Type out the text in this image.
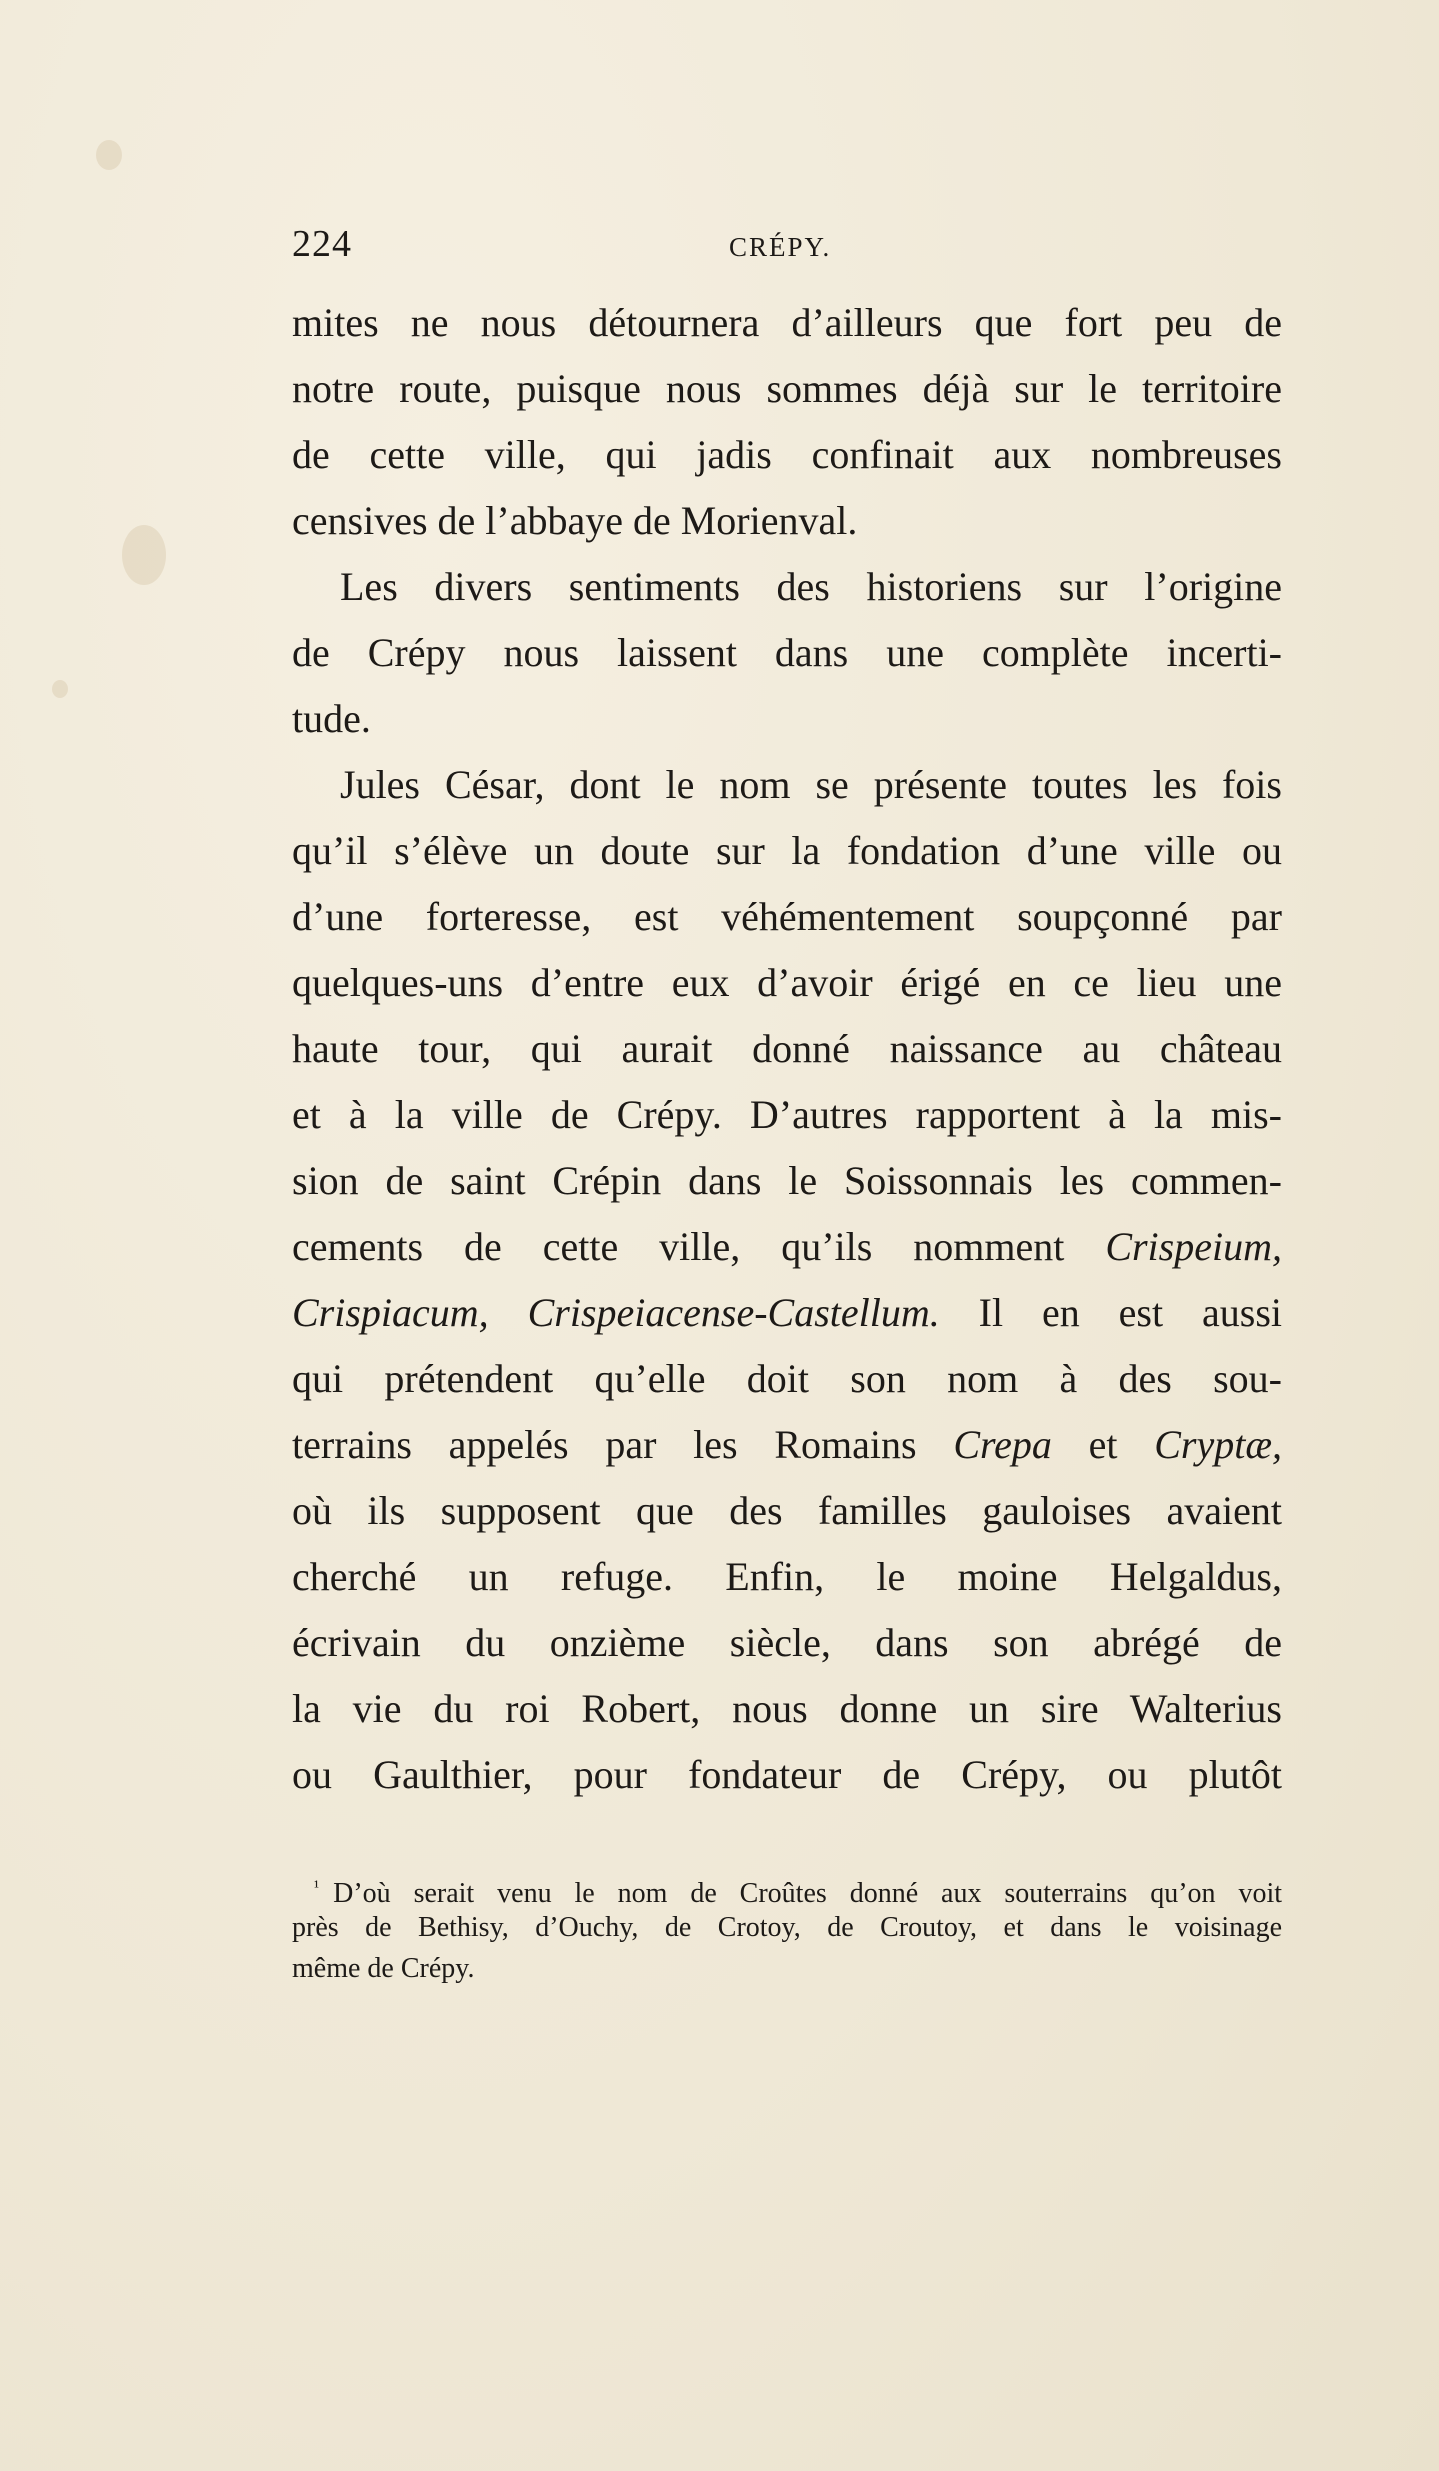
224	CRÉPY.
mites ne nous détournera d’ailleurs que fort peu de
notre route, puisque nous sommes déjà sur le territoire
de cette ville, qui jadis confinait aux nombreuses
censives de l’abbaye de Morienval.
Les divers sentiments des historiens sur l’origine
de Crépy nous laissent dans une complète incerti-
tude.
Jules César, dont le nom se présente toutes les fois
qu’il s’élève un doute sur la fondation d’une ville ou
d’une forteresse, est véhémentement soupçonné par
quelques-uns d’entre eux d’avoir érigé en ce lieu une
haute tour, qui aurait donné naissance au château
et à la ville de Crépy. D’autres rapportent à la mis-
sion de saint Crépin dans le Soissonnais les commen-
cements de cette ville, qu’ils nomment Crispeium,
Crispiacum, Crispeiacense-Castellum. Il en est aussi
qui prétendent qu’elle doit son nom à des sou-
terrains appelés par les Romains Crepa et Cryptæ,
où ils supposent que des familles gauloises avaient
cherché un refuge. Enfin, le moine Helgaldus,
écrivain du onzième siècle, dans son abrégé de
la vie du roi Robert, nous donne un sire Walterius
ou Gaulthier, pour fondateur de Crépy, ou plutôt
$^{^1}$ D’où serait venu le nom de Croûtes donné aux souterrains qu’on voit
près de Bethisy, d’Ouchy, de Crotoy, de Croutoy, et dans le voisinage
même de Crépy.
